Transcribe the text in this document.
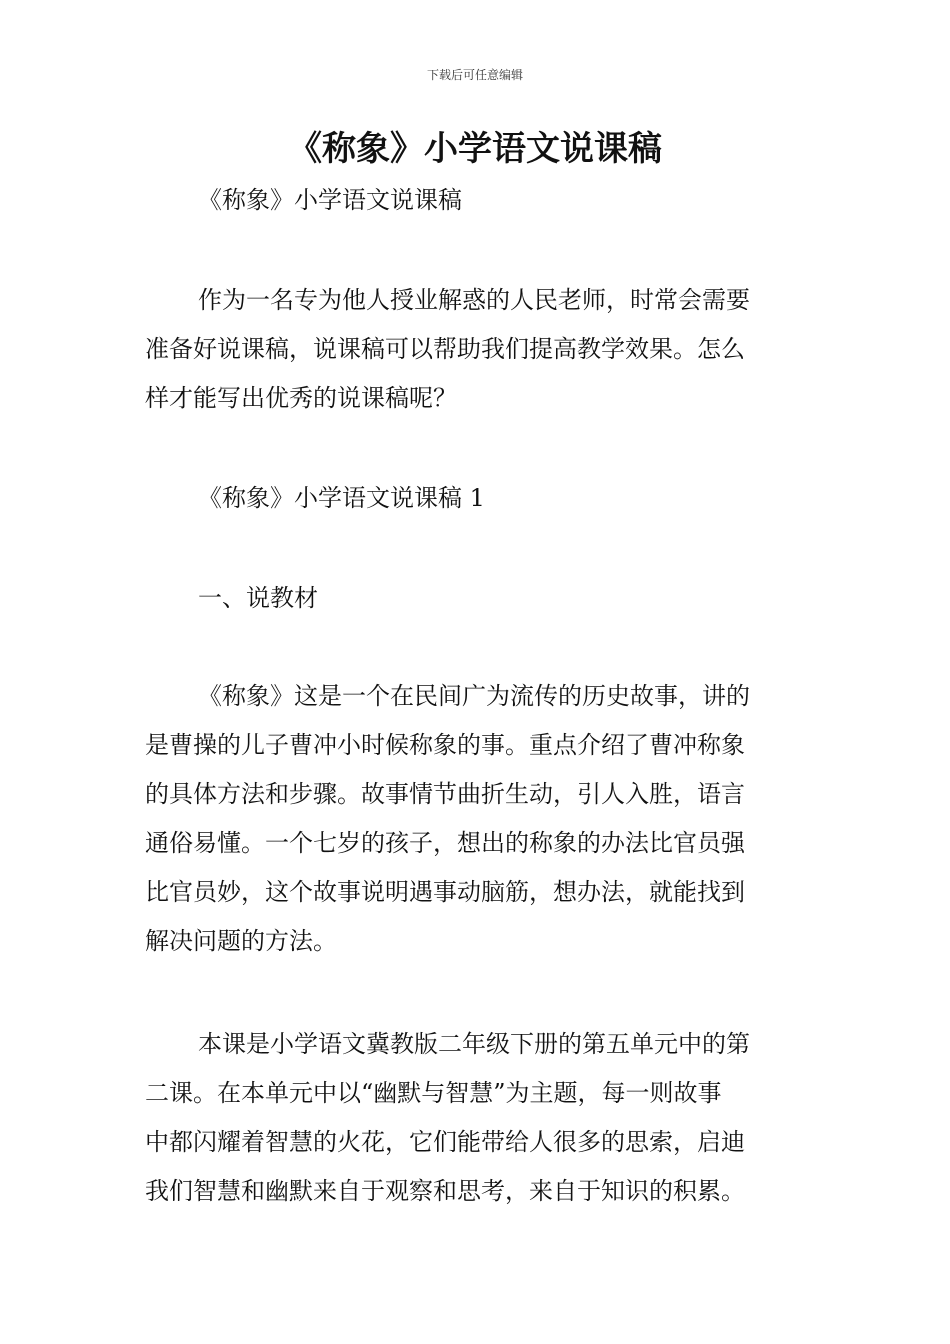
下载后可任意编辑
《称象》小学语文说课稿
《称象》小学语文说课稿

作为一名专为他人授业解惑的人民老师，时常会需要
准备好说课稿，说课稿可以帮助我们提高教学效果。怎么
样才能写出优秀的说课稿呢？

《称象》小学语文说课稿 1
一、说教材

《称象》这是一个在民间广为流传的历史故事，讲的
是曹操的儿子曹冲小时候称象的事。重点介绍了曹冲称象
的具体方法和步骤。故事情节曲折生动，引人入胜，语言
通俗易懂。一个七岁的孩子，想出的称象的办法比官员强
比官员妙，这个故事说明遇事动脑筋，想办法，就能找到
解决问题的方法。

本课是小学语文冀教版二年级下册的第五单元中的第
二课。在本单元中以“幽默与智慧”为主题，每一则故事
中都闪耀着智慧的火花，它们能带给人很多的思索，启迪
我们智慧和幽默来自于观察和思考，来自于知识的积累。
